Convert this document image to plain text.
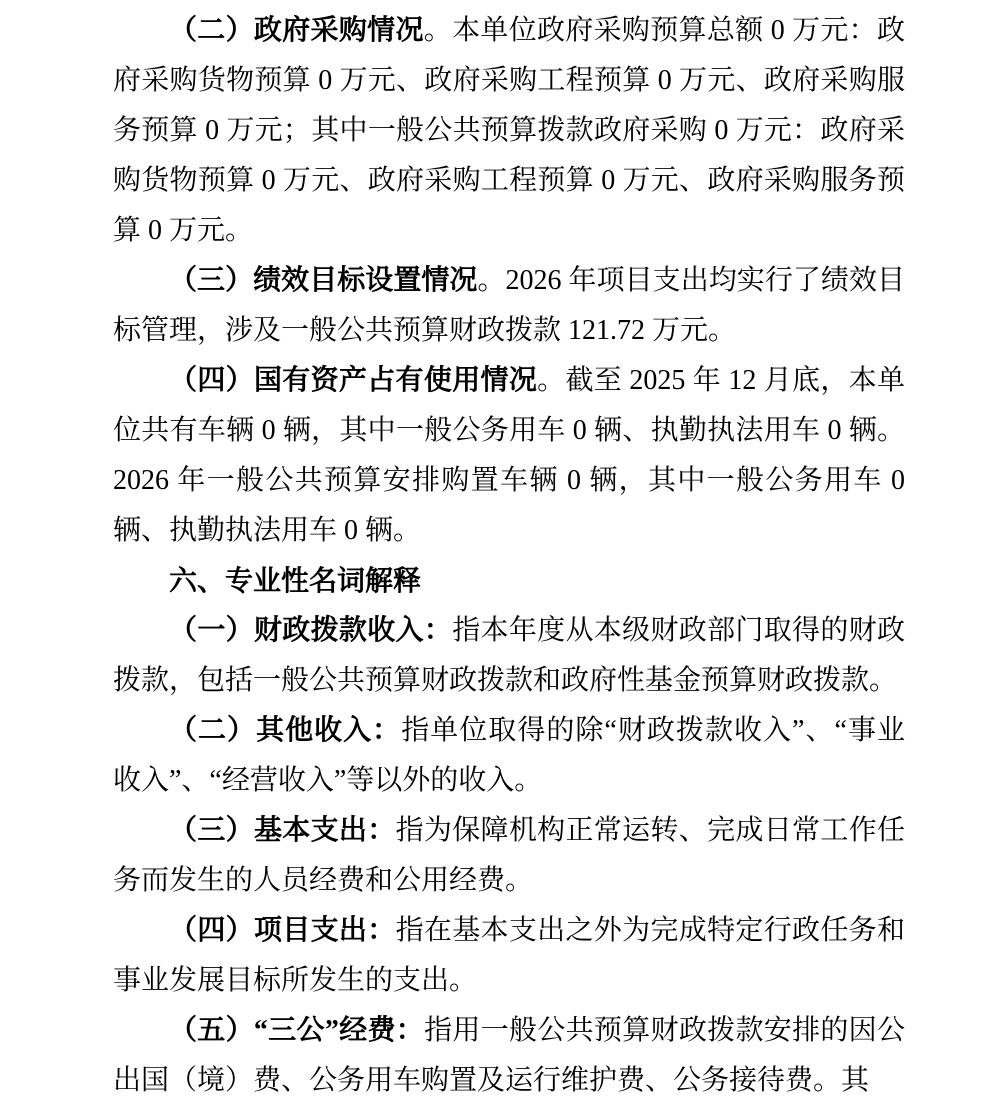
（二）政府采购情况。本单位政府采购预算总额 0 万元：政府采购货物预算 0 万元、政府采购工程预算 0 万元、政府采购服务预算 0 万元；其中一般公共预算拨款政府采购 0 万元：政府采购货物预算 0 万元、政府采购工程预算 0 万元、政府采购服务预算 0 万元。

（三）绩效目标设置情况。2026 年项目支出均实行了绩效目标管理，涉及一般公共预算财政拨款 121.72 万元。

（四）国有资产占有使用情况。截至 2025 年 12 月底，本单位共有车辆 0 辆，其中一般公务用车 0 辆、执勤执法用车 0 辆。2026 年一般公共预算安排购置车辆 0 辆，其中一般公务用车 0 辆、执勤执法用车 0 辆。

六、专业性名词解释

（一）财政拨款收入：指本年度从本级财政部门取得的财政拨款，包括一般公共预算财政拨款和政府性基金预算财政拨款。

（二）其他收入：指单位取得的除“财政拨款收入”、“事业收入”、“经营收入”等以外的收入。

（三）基本支出：指为保障机构正常运转、完成日常工作任务而发生的人员经费和公用经费。

（四）项目支出：指在基本支出之外为完成特定行政任务和事业发展目标所发生的支出。

（五）“三公”经费：指用一般公共预算财政拨款安排的因公出国（境）费、公务用车购置及运行维护费、公务接待费。其
